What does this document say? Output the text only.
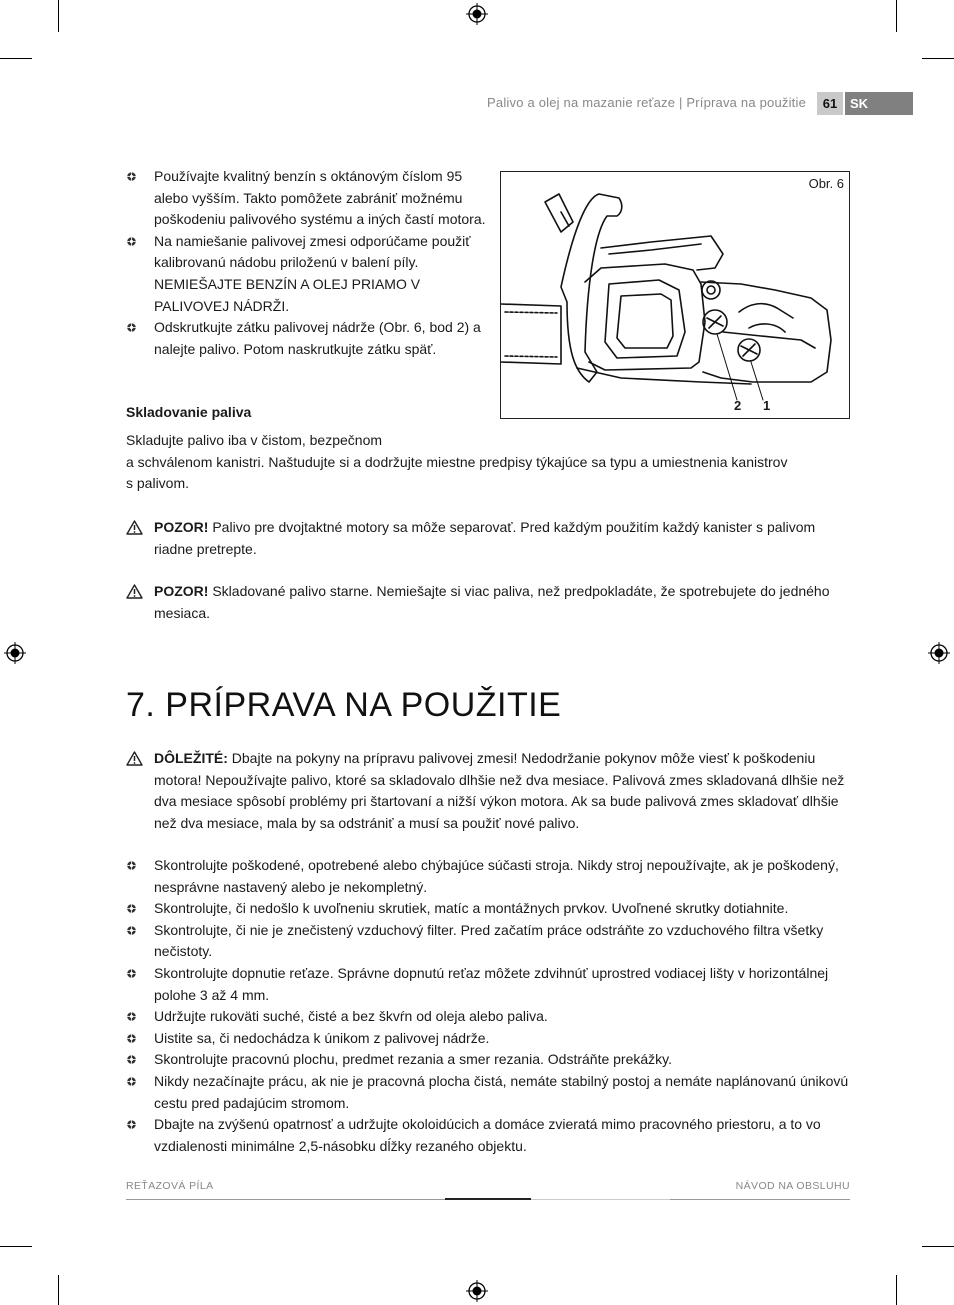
Palivo a olej na mazanie reťaze | Príprava na použitie	61 SK
Používajte kvalitný benzín s oktánovým číslom 95 alebo vyšším. Takto pomôžete zabrániť možnému poškodeniu palivového systému a iných častí motora.
Na namiešanie palivovej zmesi odporúčame použiť kalibrovanú nádobu priloženú v balení píly. NEMIEŠAJTE BENZÍN A OLEJ PRIAMO V PALIVOVEJ NÁDRŽI.
Odskrutkujte zátku palivovej nádrže (Obr. 6, bod 2) a nalejte palivo. Potom naskrutkujte zátku späť.
Obr. 6
2 1
Skladovanie paliva
Skladujte palivo iba v čistom, bezpečnom
a schválenom kanistri. Naštudujte si a dodržujte miestne predpisy týkajúce sa typu a umiestnenia kanistrov
s palivom.
POZOR! Palivo pre dvojtaktné motory sa môže separovať. Pred každým použitím každý kanister s palivom riadne pretrepte.
POZOR! Skladované palivo starne. Nemiešajte si viac paliva, než predpokladáte, že spotrebujete do jedného mesiaca.
7. PRÍPRAVA NA POUŽITIE
DÔLEŽITÉ: Dbajte na pokyny na prípravu palivovej zmesi! Nedodržanie pokynov môže viesť k poškodeniu motora! Nepoužívajte palivo, ktoré sa skladovalo dlhšie než dva mesiace. Palivová zmes skladovaná dlhšie než dva mesiace spôsobí problémy pri štartovaní a nižší výkon motora. Ak sa bude palivová zmes skladovať dlhšie než dva mesiace, mala by sa odstrániť a musí sa použiť nové palivo.
Skontrolujte poškodené, opotrebené alebo chýbajúce súčasti stroja. Nikdy stroj nepoužívajte, ak je poškodený, nesprávne nastavený alebo je nekompletný.
Skontrolujte, či nedošlo k uvoľneniu skrutiek, matíc a montážnych prvkov. Uvoľnené skrutky dotiahnite.
Skontrolujte, či nie je znečistený vzduchový filter. Pred začatím práce odstráňte zo vzduchového filtra všetky nečistoty.
Skontrolujte dopnutie reťaze. Správne dopnutú reťaz môžete zdvihnúť uprostred vodiacej lišty v horizontálnej polohe 3 až 4 mm.
Udržujte rukoväti suché, čisté a bez škvŕn od oleja alebo paliva.
Uistite sa, či nedochádza k únikom z palivovej nádrže.
Skontrolujte pracovnú plochu, predmet rezania a smer rezania. Odstráňte prekážky.
Nikdy nezačínajte prácu, ak nie je pracovná plocha čistá, nemáte stabilný postoj a nemáte naplánovanú únikovú cestu pred padajúcim stromom.
Dbajte na zvýšenú opatrnosť a udržujte okoloidúcich a domáce zvieratá mimo pracovného priestoru, a to vo vzdialenosti minimálne 2,5-násobku dĺžky rezaného objektu.
REŤAZOVÁ PÍLA	NÁVOD NA OBSLUHU
